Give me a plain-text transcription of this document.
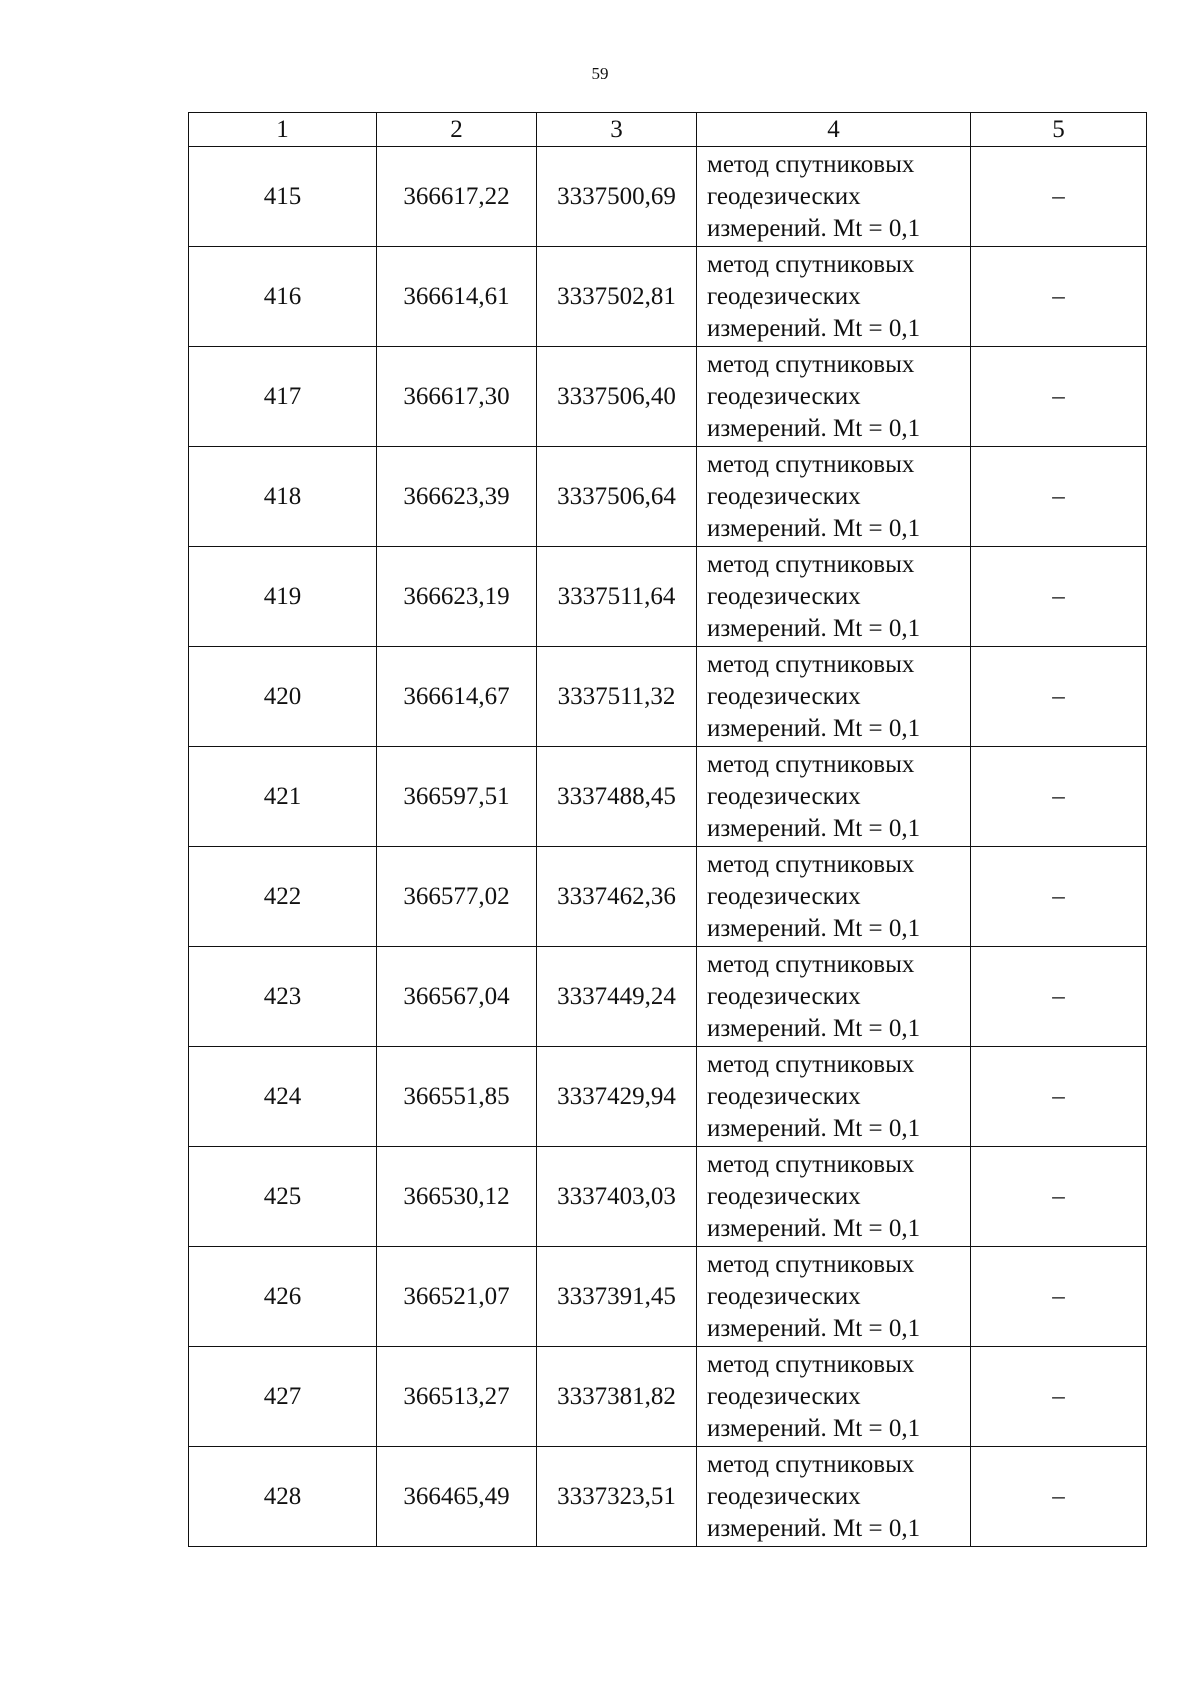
59
1	2	3	4	5
415	366617,22	3337500,69	метод спутниковых
геодезических
измерений. Mt = 0,1	–
416	366614,61	3337502,81	метод спутниковых
геодезических
измерений. Mt = 0,1	–
417	366617,30	3337506,40	метод спутниковых
геодезических
измерений. Mt = 0,1	–
418	366623,39	3337506,64	метод спутниковых
геодезических
измерений. Mt = 0,1	–
419	366623,19	3337511,64	метод спутниковых
геодезических
измерений. Mt = 0,1	–
420	366614,67	3337511,32	метод спутниковых
геодезических
измерений. Mt = 0,1	–
421	366597,51	3337488,45	метод спутниковых
геодезических
измерений. Mt = 0,1	–
422	366577,02	3337462,36	метод спутниковых
геодезических
измерений. Mt = 0,1	–
423	366567,04	3337449,24	метод спутниковых
геодезических
измерений. Mt = 0,1	–
424	366551,85	3337429,94	метод спутниковых
геодезических
измерений. Mt = 0,1	–
425	366530,12	3337403,03	метод спутниковых
геодезических
измерений. Mt = 0,1	–
426	366521,07	3337391,45	метод спутниковых
геодезических
измерений. Mt = 0,1	–
427	366513,27	3337381,82	метод спутниковых
геодезических
измерений. Mt = 0,1	–
428	366465,49	3337323,51	метод спутниковых
геодезических
измерений. Mt = 0,1	–
